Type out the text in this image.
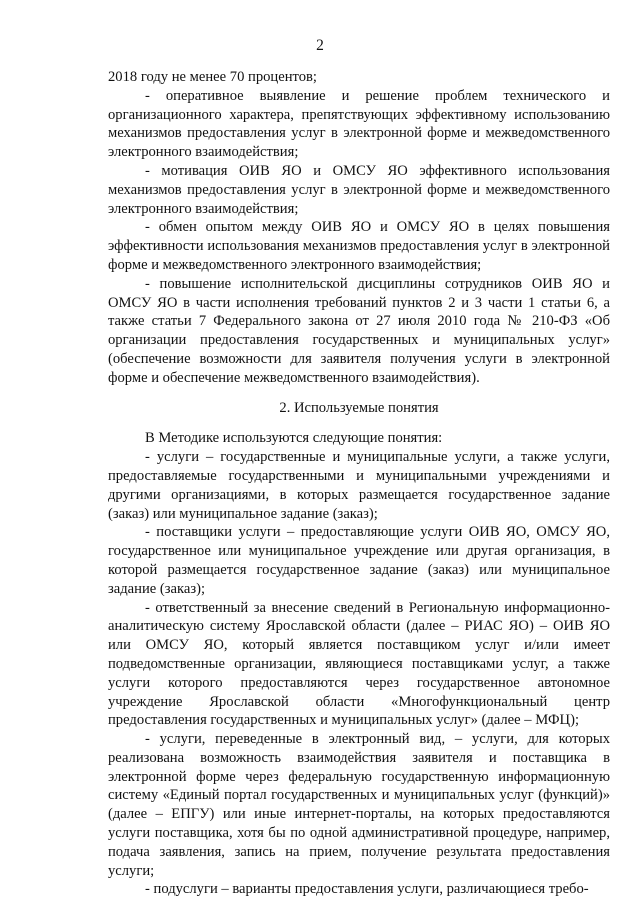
2

2018 году не менее 70 процентов;

- оперативное выявление и решение проблем технического и организационного характера, препятствующих эффективному использованию механизмов предоставления услуг в электронной форме и межведомственного электронного взаимодействия;

- мотивация ОИВ ЯО и ОМСУ ЯО эффективного использования механизмов предоставления услуг в электронной форме и межведомственного электронного взаимодействия;

- обмен опытом между ОИВ ЯО и ОМСУ ЯО в целях повышения эффективности использования механизмов предоставления услуг в электронной форме и межведомственного электронного взаимодействия;

- повышение исполнительской дисциплины сотрудников ОИВ ЯО и ОМСУ ЯО в части исполнения требований пунктов 2 и 3 части 1 статьи 6, а также статьи 7 Федерального закона от 27 июля 2010 года № 210-ФЗ «Об организации предоставления государственных и муниципальных услуг» (обеспечение возможности для заявителя получения услуги в электронной форме и обеспечение межведомственного взаимодействия).

2. Используемые понятия

В Методике используются следующие понятия:

- услуги – государственные и муниципальные услуги, а также услуги, предоставляемые государственными и муниципальными учреждениями и другими организациями, в которых размещается государственное задание (заказ) или муниципальное задание (заказ);

- поставщики услуги – предоставляющие услуги ОИВ ЯО, ОМСУ ЯО, государственное или муниципальное учреждение или другая организация, в которой размещается государственное задание (заказ) или муниципальное задание (заказ);

- ответственный за внесение сведений в Региональную информационно-аналитическую систему Ярославской области (далее – РИАС ЯО) – ОИВ ЯО или ОМСУ ЯО, который является поставщиком услуг и/или имеет подведомственные организации, являющиеся поставщиками услуг, а также услуги которого предоставляются через государственное автономное учреждение Ярославской области «Многофункциональный центр предоставления государственных и муниципальных услуг» (далее – МФЦ);

- услуги, переведенные в электронный вид, – услуги, для которых реализована возможность взаимодействия заявителя и поставщика в электронной форме через федеральную государственную информационную систему «Единый портал государственных и муниципальных услуг (функций)» (далее – ЕПГУ) или иные интернет-порталы, на которых предоставляются услуги поставщика, хотя бы по одной административной процедуре, например, подача заявления, запись на прием, получение результата предоставления услуги;

- подуслуги – варианты предоставления услуги, различающиеся требо-
